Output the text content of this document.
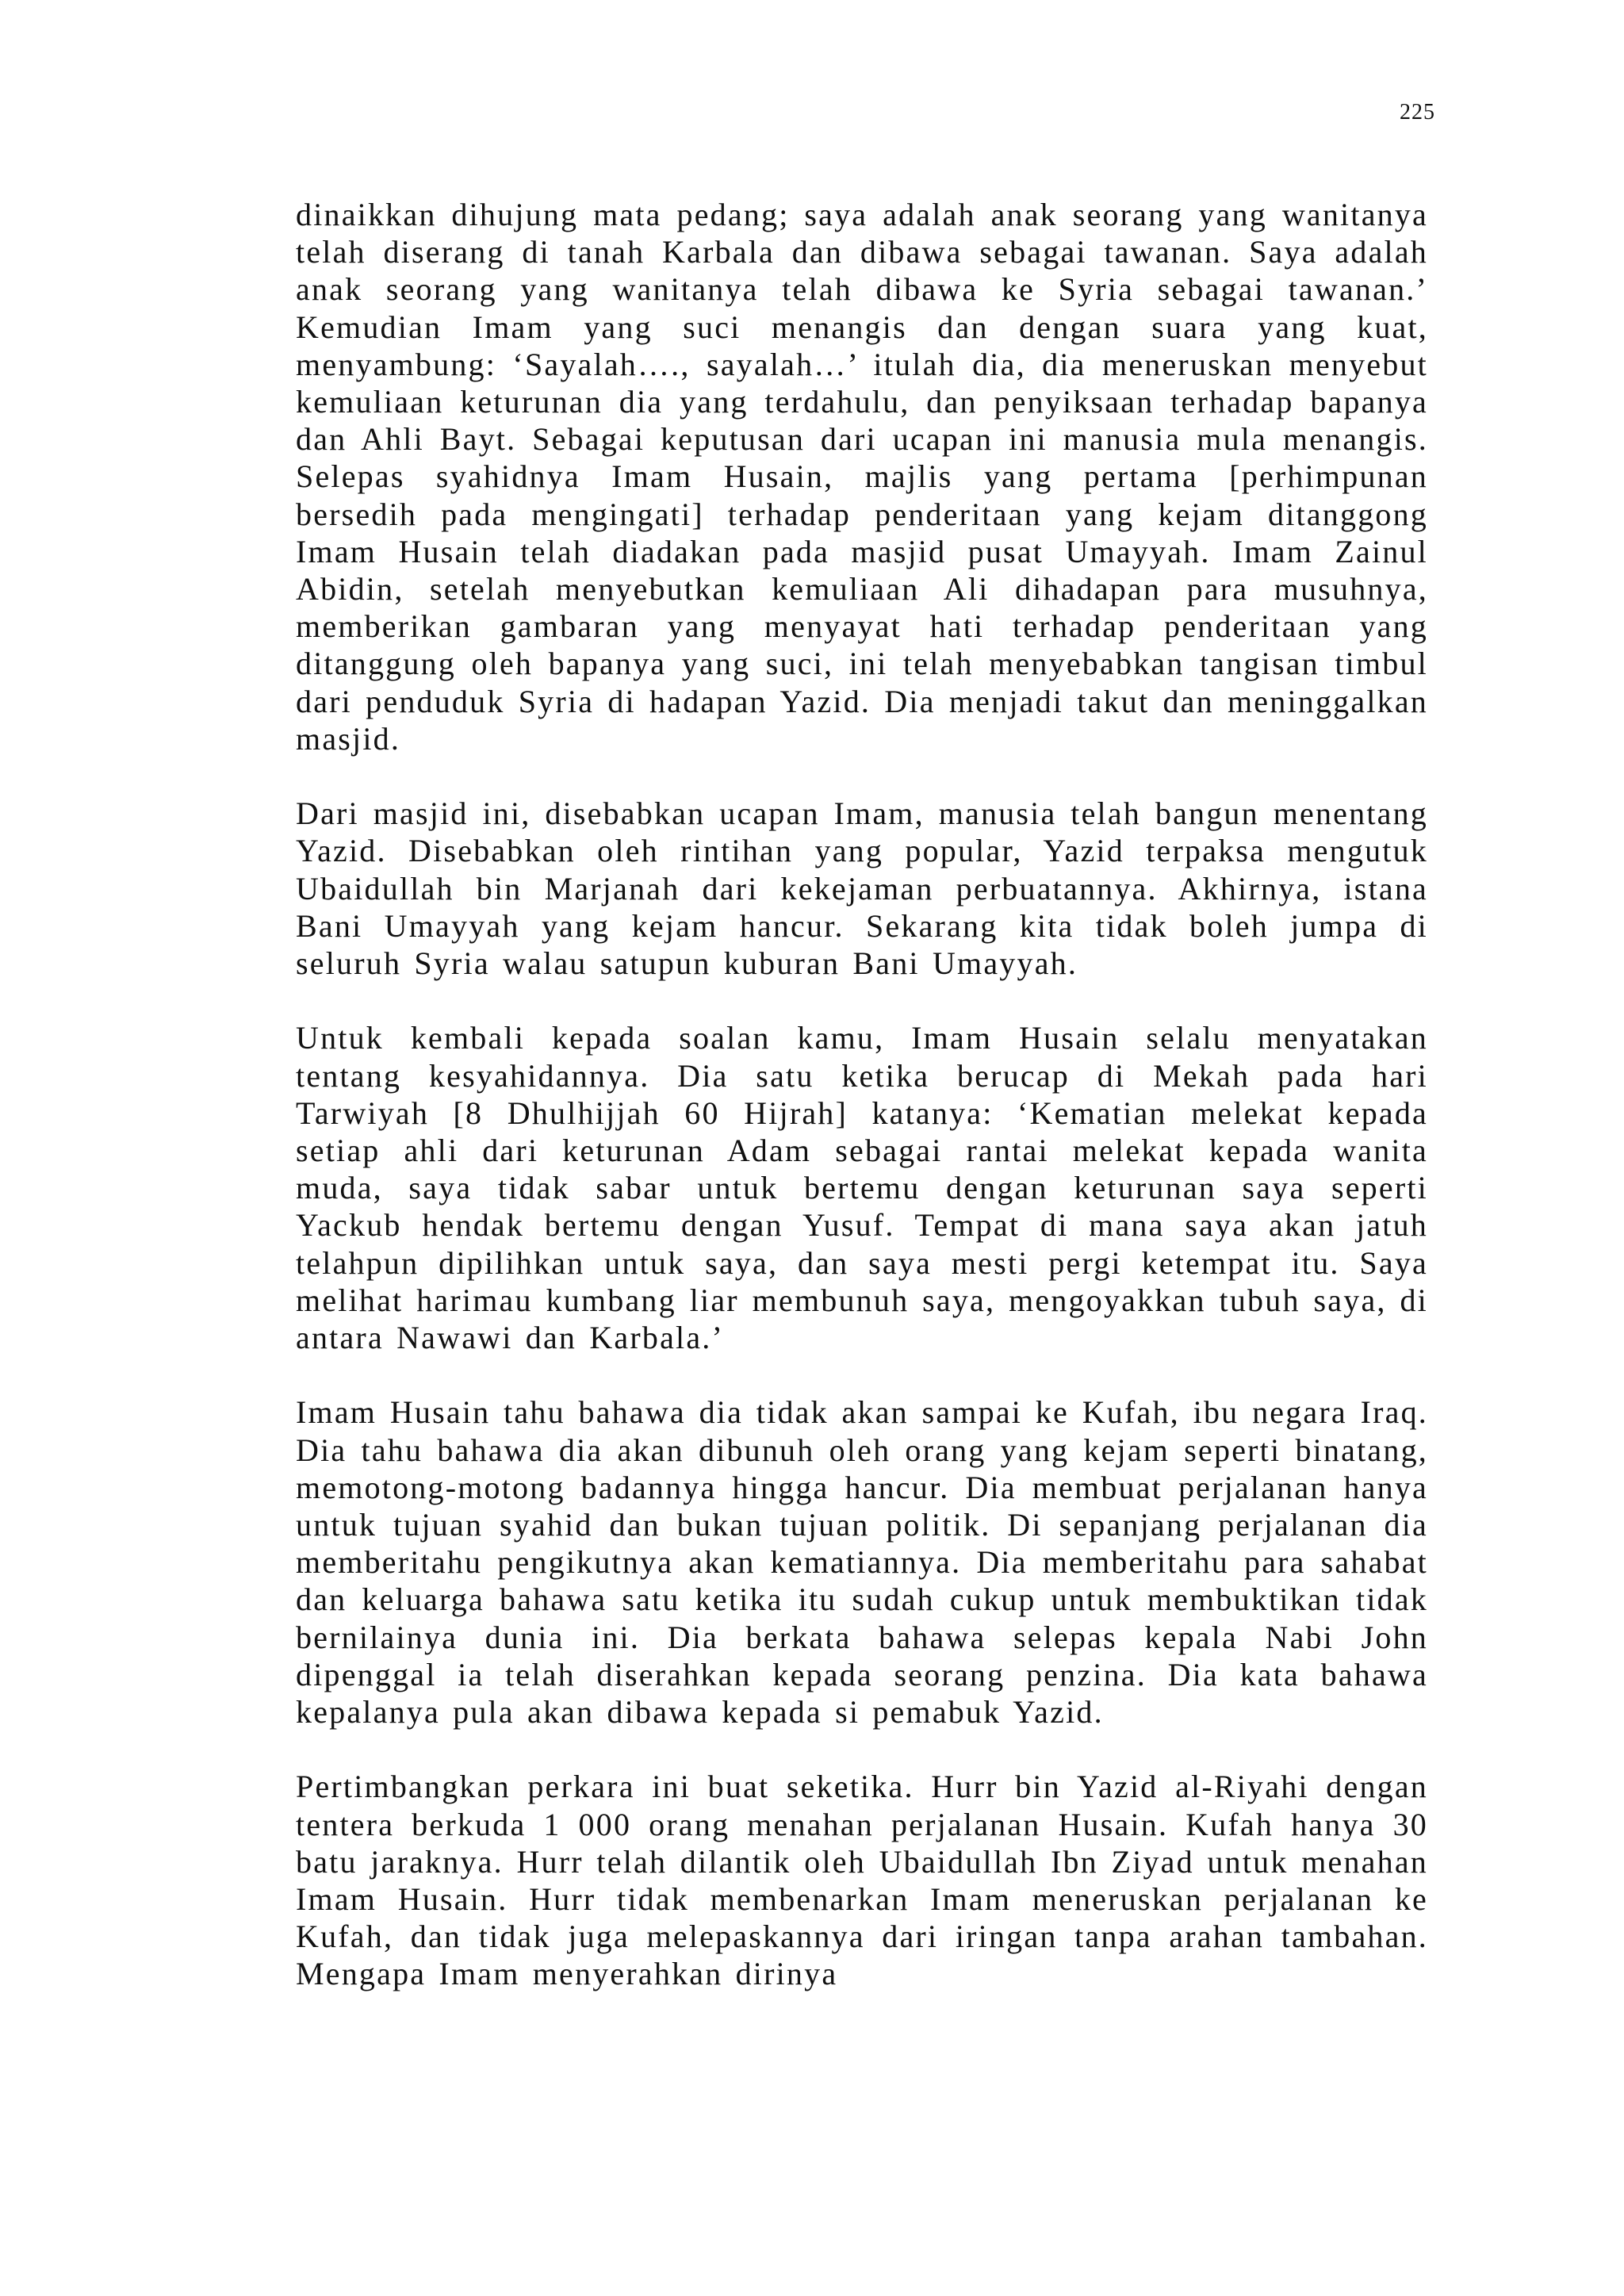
225

dinaikkan dihujung mata pedang; saya adalah anak seorang yang wanitanya telah diserang di tanah Karbala dan dibawa sebagai tawanan. Saya adalah anak seorang yang wanitanya telah dibawa ke Syria sebagai tawanan.’ Kemudian Imam yang suci menangis dan dengan suara yang kuat, menyambung: ‘Sayalah…., sayalah…’ itulah dia, dia meneruskan menyebut kemuliaan keturunan dia yang terdahulu, dan penyiksaan terhadap bapanya dan Ahli Bayt. Sebagai keputusan dari ucapan ini manusia mula menangis. Selepas syahidnya Imam Husain, majlis yang pertama [perhimpunan bersedih pada mengingati] terhadap penderitaan yang kejam ditanggong Imam Husain telah diadakan pada masjid pusat Umayyah. Imam Zainul Abidin, setelah menyebutkan kemuliaan Ali dihadapan para musuhnya, memberikan gambaran yang menyayat hati terhadap penderitaan yang ditanggung oleh bapanya yang suci, ini telah menyebabkan tangisan timbul dari penduduk Syria di hadapan Yazid. Dia menjadi takut dan meninggalkan masjid.

Dari masjid ini, disebabkan ucapan Imam, manusia telah bangun menentang Yazid. Disebabkan oleh rintihan yang popular, Yazid terpaksa mengutuk Ubaidullah bin Marjanah dari kekejaman perbuatannya. Akhirnya, istana Bani Umayyah yang kejam hancur. Sekarang kita tidak boleh jumpa di seluruh Syria walau satupun kuburan Bani Umayyah.

Untuk kembali kepada soalan kamu, Imam Husain selalu menyatakan tentang kesyahidannya. Dia satu ketika berucap di Mekah pada hari Tarwiyah [8 Dhulhijjah 60 Hijrah] katanya: ‘Kematian melekat kepada setiap ahli dari keturunan Adam sebagai rantai melekat kepada wanita muda, saya tidak sabar untuk bertemu dengan keturunan saya seperti Yackub hendak bertemu dengan Yusuf. Tempat di mana saya akan jatuh telahpun dipilihkan untuk saya, dan saya mesti pergi ketempat itu. Saya melihat harimau kumbang liar membunuh saya, mengoyakkan tubuh saya, di antara Nawawi dan Karbala.’

Imam Husain tahu bahawa dia tidak akan sampai ke Kufah, ibu negara Iraq. Dia tahu bahawa dia akan dibunuh oleh orang yang kejam seperti binatang, memotong-motong badannya hingga hancur. Dia membuat perjalanan hanya untuk tujuan syahid dan bukan tujuan politik. Di sepanjang perjalanan dia memberitahu pengikutnya akan kematiannya. Dia memberitahu para sahabat dan keluarga bahawa satu ketika itu sudah cukup untuk membuktikan tidak bernilainya dunia ini. Dia berkata bahawa selepas kepala Nabi John dipenggal ia telah diserahkan kepada seorang penzina. Dia kata bahawa kepalanya pula akan dibawa kepada si pemabuk Yazid.

Pertimbangkan perkara ini buat seketika. Hurr bin Yazid al-Riyahi dengan tentera berkuda 1 000 orang menahan perjalanan Husain. Kufah hanya 30 batu jaraknya. Hurr telah dilantik oleh Ubaidullah Ibn Ziyad untuk menahan Imam Husain. Hurr tidak membenarkan Imam meneruskan perjalanan ke Kufah, dan tidak juga melepaskannya dari iringan tanpa arahan tambahan. Mengapa Imam menyerahkan dirinya
